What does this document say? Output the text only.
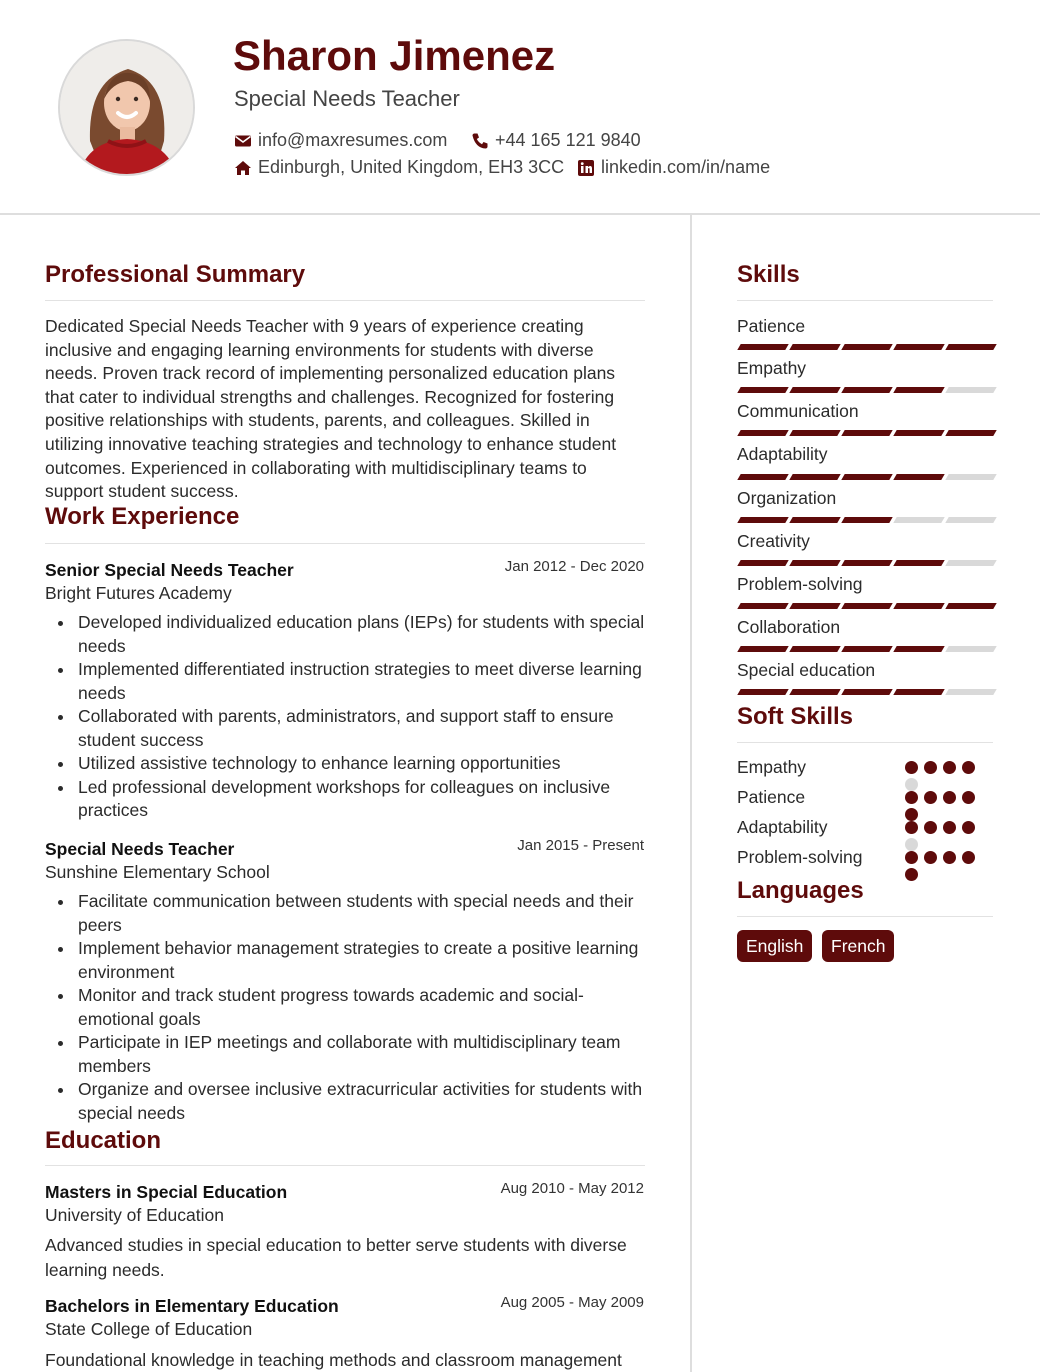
Sharon Jimenez
Special Needs Teacher
info@maxresumes.com	+44 165 121 9840
Edinburgh, United Kingdom, EH3 3CC linkedin.com/in/name
Professional Summary
Dedicated Special Needs Teacher with 9 years of experience creating inclusive and engaging learning environments for students with diverse needs. Proven track record of implementing personalized education plans that cater to individual strengths and challenges. Recognized for fostering positive relationships with students, parents, and colleagues. Skilled in utilizing innovative teaching strategies and technology to enhance student outcomes. Experienced in collaborating with multidisciplinary teams to support student success.
Work Experience
Senior Special Needs Teacher	Jan 2012 - Dec 2020
Bright Futures Academy
Developed individualized education plans (IEPs) for students with special needs
Implemented differentiated instruction strategies to meet diverse learning needs
Collaborated with parents, administrators, and support staff to ensure student success
Utilized assistive technology to enhance learning opportunities
Led professional development workshops for colleagues on inclusive practices
Special Needs Teacher	Jan 2015 - Present
Sunshine Elementary School
Facilitate communication between students with special needs and their peers
Implement behavior management strategies to create a positive learning environment
Monitor and track student progress towards academic and social-emotional goals
Participate in IEP meetings and collaborate with multidisciplinary team members
Organize and oversee inclusive extracurricular activities for students with special needs
Education
Masters in Special Education	Aug 2010 - May 2012
University of Education
Advanced studies in special education to better serve students with diverse learning needs.
Bachelors in Elementary Education	Aug 2005 - May 2009
State College of Education
Foundational knowledge in teaching methods and classroom management
Skills
Patience
Empathy
Communication
Adaptability
Organization
Creativity
Problem-solving
Collaboration
Special education
Soft Skills
Empathy
Patience
Adaptability
Problem-solving
Languages
English	French
